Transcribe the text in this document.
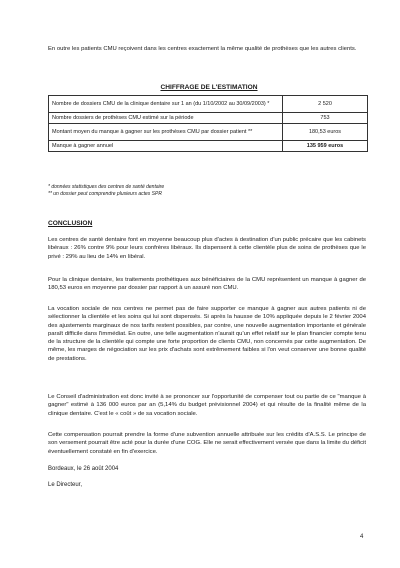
En outre les patients CMU reçoivent dans les centres exactement la même qualité de prothèses que les autres clients.
CHIFFRAGE DE L'ESTIMATION
Nombre de dossiers CMU de la clinique dentaire sur 1 an (du 1/10/2002 au 30/09/2003) *	2 520
Nombre dossiers de prothèses CMU estimé sur la période	753
Montant moyen du manque à gagner sur les prothèses CMU par dossier patient **	180,53 euros
Manque à gagner annuel	135 959 euros
* données statistiques des centres de santé dentaire
** un dossier peut comprendre plusieurs actes SPR
CONCLUSION
Les centres de santé dentaire font en moyenne beaucoup plus d'actes à destination d'un public précaire que les cabinets libéraux : 26% contre 9% pour leurs confrères libéraux. Ils dispensent à cette clientèle plus de soins de prothèses que le privé : 29% au lieu de 14% en libéral.
Pour la clinique dentaire, les traitements prothétiques aux bénéficiaires de la CMU représentent un manque à gagner de 180,53 euros en moyenne par dossier par rapport à un assuré non CMU.
La vocation sociale de nos centres ne permet pas de faire supporter ce manque à gagner aux autres patients ni de sélectionner la clientèle et les soins qui lui sont dispensés. Si après la hausse de 10% appliquée depuis le 2 février 2004 des ajustements marginaux de nos tarifs restent possibles, par contre, une nouvelle augmentation importante et générale paraît difficile dans l'immédiat. En outre, une telle augmentation n'aurait qu'un effet relatif sur le plan financier compte tenu de la structure de la clientèle qui compte une forte proportion de clients CMU, non concernés par cette augmentation. De même, les marges de négociation sur les prix d'achats sont extrêmement faibles si l'on veut conserver une bonne qualité de prestations.
Le Conseil d'administration est donc invité à se prononcer sur l'opportunité de compenser tout ou partie de ce "manque à gagner" estimé à 136 000 euros par an (5,14% du budget prévisionnel 2004) et qui résulte de la finalité même de la clinique dentaire. C'est le « coût » de sa vocation sociale.
Cette compensation pourrait prendre la forme d'une subvention annuelle attribuée sur les crédits d'A.S.S. Le principe de son versement pourrait être acté pour la durée d'une COG. Elle ne serait effectivement versée que dans la limite du déficit éventuellement constaté en fin d'exercice.
Bordeaux, le 26 août 2004
Le Directeur,
4
